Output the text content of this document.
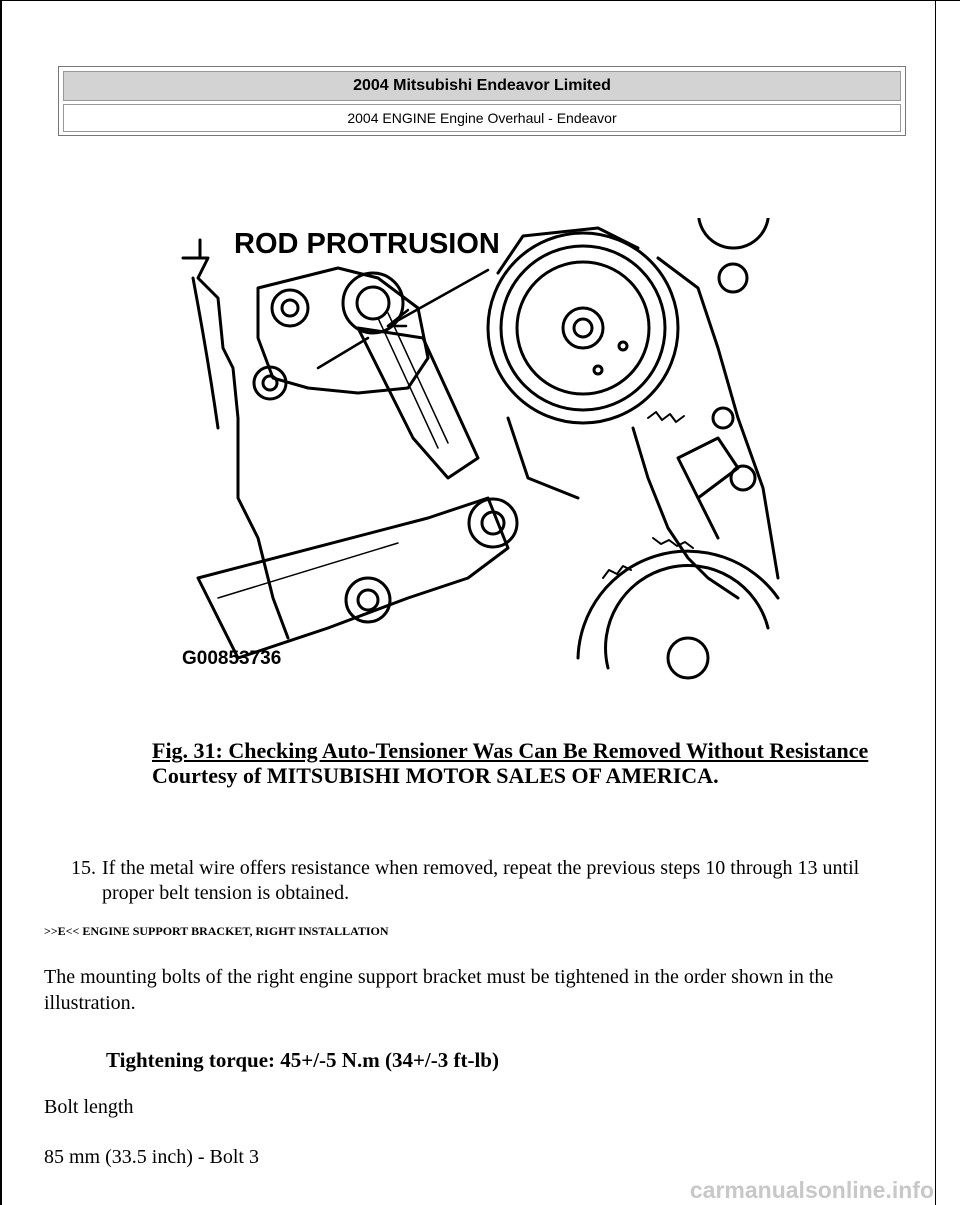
2004 Mitsubishi Endeavor Limited
2004 ENGINE Engine Overhaul - Endeavor
ROD PROTRUSION
G00853736
Fig. 31: Checking Auto-Tensioner Was Can Be Removed Without Resistance
Courtesy of MITSUBISHI MOTOR SALES OF AMERICA.
15. If the metal wire offers resistance when removed, repeat the previous steps 10 through 13 until proper belt tension is obtained.
>>E<< ENGINE SUPPORT BRACKET, RIGHT INSTALLATION
The mounting bolts of the right engine support bracket must be tightened in the order shown in the illustration.
Tightening torque: 45+/-5 N.m (34+/-3 ft-lb)
Bolt length
85 mm (33.5 inch) - Bolt 3
carmanualsonline.info
